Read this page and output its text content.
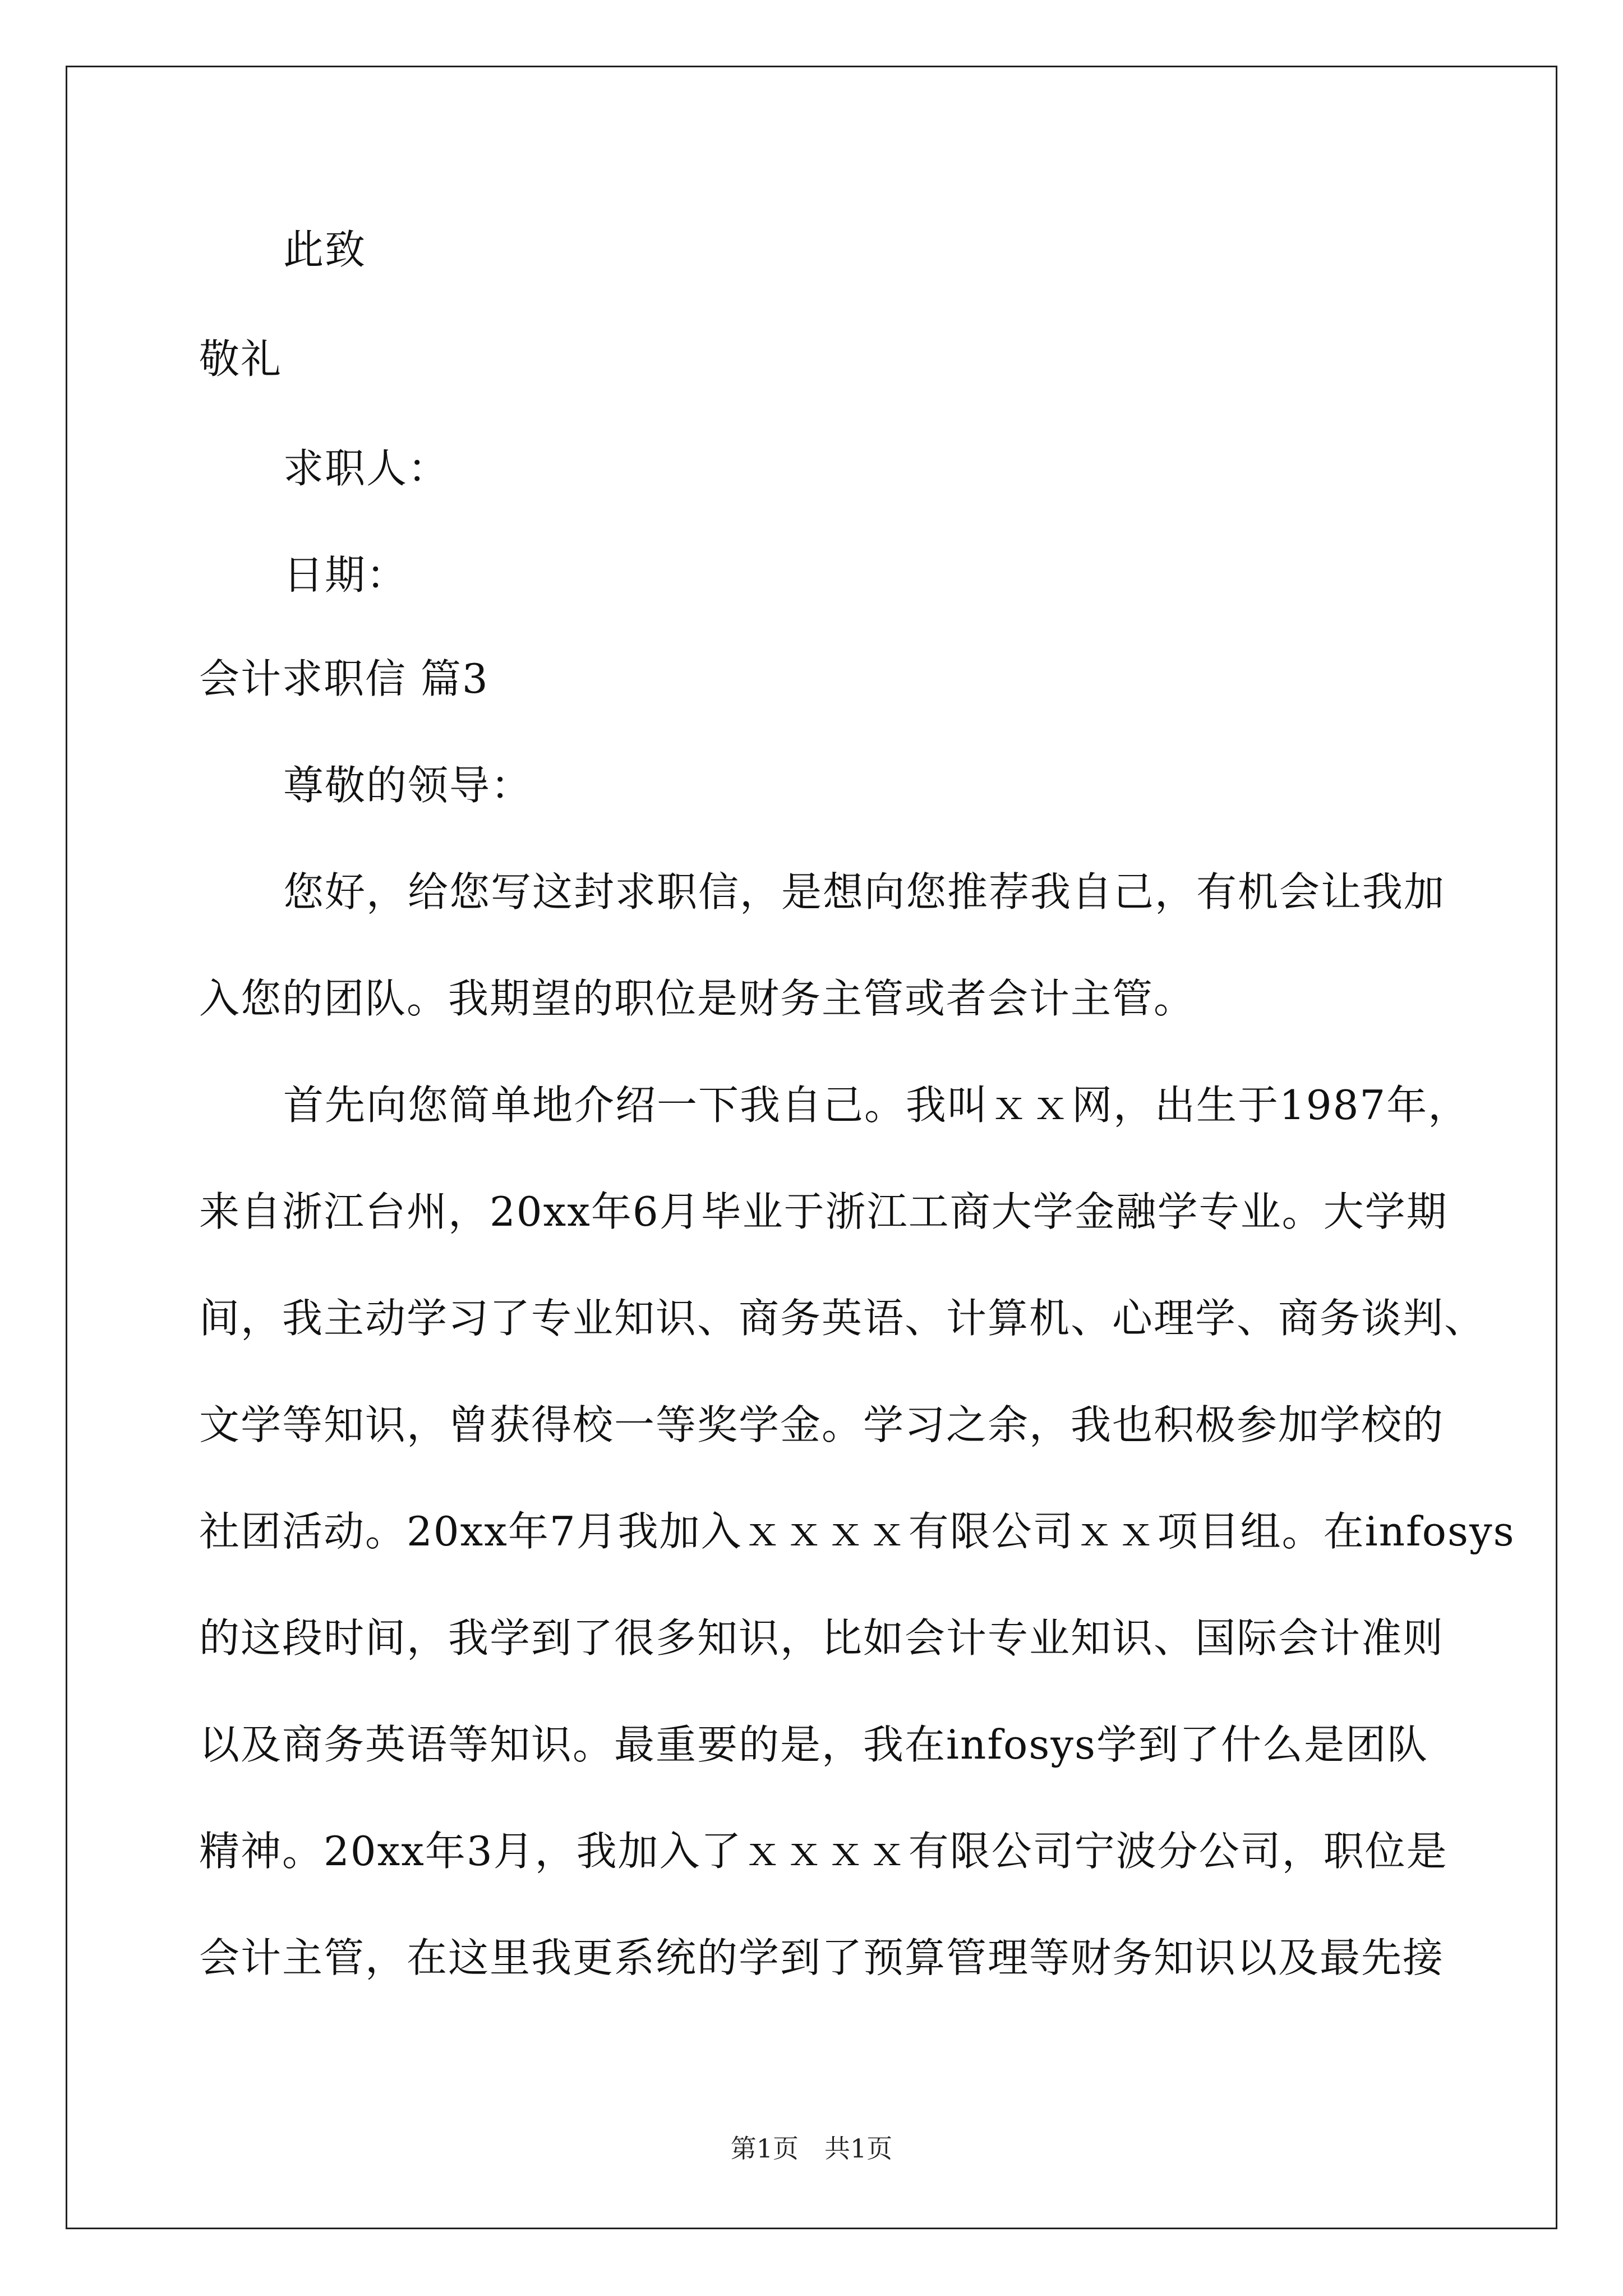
此致
敬礼
求职人：
日期：
会计求职信 篇3
尊敬的领导：
您好，给您写这封求职信，是想向您推荐我自己，有机会让我加
入您的团队。我期望的职位是财务主管或者会计主管。
首先向您简单地介绍一下我自己。我叫ｘｘ网，出生于1987年，
来自浙江台州，20xx年6月毕业于浙江工商大学金融学专业。大学期
间，我主动学习了专业知识、商务英语、计算机、心理学、商务谈判、
文学等知识，曾获得校一等奖学金。学习之余，我也积极参加学校的
社团活动。20xx年7月我加入ｘｘｘｘ有限公司ｘｘ项目组。在infosys
的这段时间，我学到了很多知识，比如会计专业知识、国际会计准则
以及商务英语等知识。最重要的是，我在infosys学到了什么是团队
精神。20xx年3月，我加入了ｘｘｘｘ有限公司宁波分公司，职位是
会计主管，在这里我更系统的学到了预算管理等财务知识以及最先接
第1页　共1页
